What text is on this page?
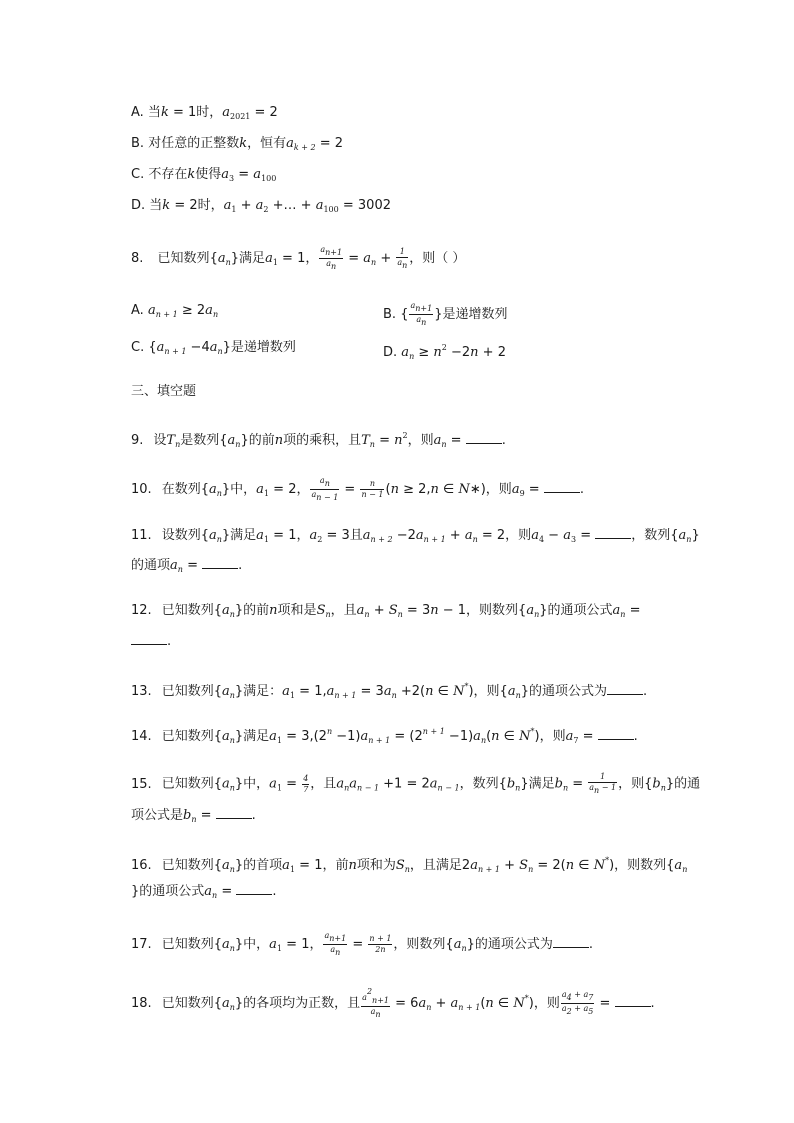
A. 当k = 1时，$a_{2021} = 2$
B. 对任意的正整数k，恒有$a_{k + 2} = 2$
C. 不存在k使得$a_3 = a_{100}$
D. 当k = 2时，$a_1 + a_2$ +… + $a_{100} = 3002$
8. 已知数列$\{a_n\}$满足$a_1 = 1$， $\frac{a_{n+1}}{a_n} = a_n + \frac{1}{a_n}$ ，则（ ）
A. $a_{n + 1} \ge 2a_n$	B. { $\frac{a_{n+1}}{a_n}$ }是递增数列
C. $\{a_{n + 1} -4a_n\}$是递增数列	D. $a_n \ge n^2 -2n + 2$
三、填空题
9. 设$T_n$是数列$\{a_n\}$的前n项的乘积，且$T_n = n^2$，则$a_n$ =	.
10. 在数列$\{a_n\}$中，$a_1 = 2$， $\frac{a_n}{a_{n - 1}} = \frac{n}{n - 1} (n \ge 2,n$ ∈ N∗)，则$a_9$ =	.
11. 设数列$\{a_n\}$满足$a_1 = 1$，$a_2 = 3$且$a_{n + 2} -2a_{n + 1} + a_n = 2$，则$a_4 - a_3$ =	，数列$\{a_n\}$
的通项$a_n$ =	.
12. 已知数列$\{a_n\}$的前n项和是$S_n$，且$a_n + S_n = 3n - 1$，则数列$\{a_n\}$的通项公式$a_n$ =
.
13. 已知数列$\{a_n\}$满足：$a_1 = 1,a_{n + 1} = 3a_n +2(n$ ∈ N*)，则$\{a_n\}$的通项公式为	.
14. 已知数列$\{a_n\}$满足$a_1 = 3,(2^n -1)a_{n + 1} = (2^{n + 1} -1)a_n(n$ ∈ N*)，则$a_7$ =	.
15. 已知数列$\{a_n\}$中，$a_1 = \frac{4}{7}$ ，且$a_na_{n - 1} +1 = 2a_{n - 1}$，数列$\{b_n\}$满足$b_n = \frac{1}{a_n - 1}$ ，则$\{b_n\}$的通
项公式是$b_n$ =	.
16. 已知数列$\{a_n\}$的首项$a_1 = 1$，前n项和为$S_n$，且满足$2a_{n + 1} + S_n = 2(n$ ∈ N*)，则数列{$a_n$
}的通项公式$a_n$ =	.
17. 已知数列$\{a_n\}$中，$a_1 = 1$， $\frac{a_{n+1}}{a_n} = \frac{n + 1}{2n}$ ，则数列$\{a_n\}$的通项公式为	.
18. 已知数列$\{a_n\}$的各项均为正数，且 $\frac{a^2_{n+1}}{a_n} = 6a_n + a_{n + 1}(n$ ∈ N*)，则 $\frac{a_4 + a_7}{a_2 + a_5}$ =	.
